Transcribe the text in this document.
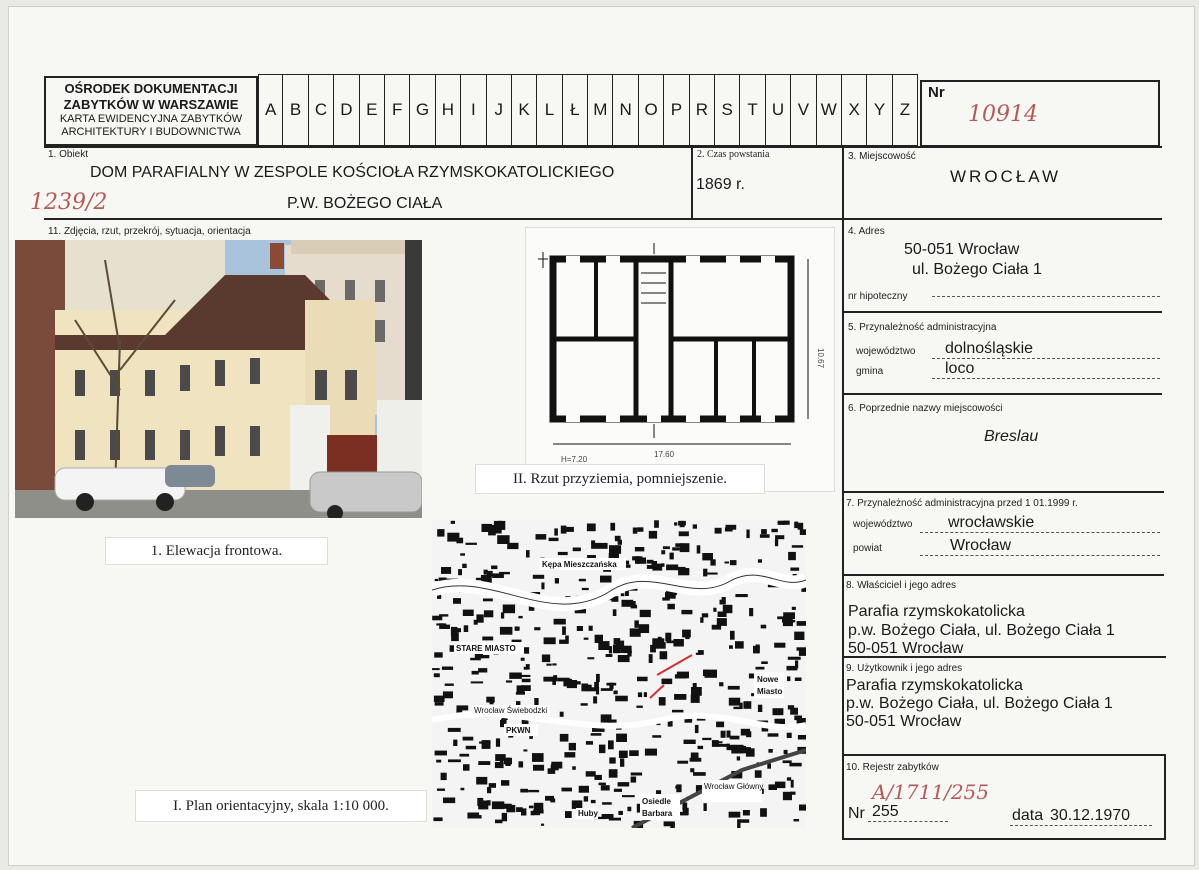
OŚRODEK DOKUMENTACJI
ZABYTKÓW W WARSZAWIE
KARTA EWIDENCYJNA ZABYTKÓW
ARCHITEKTURY I BUDOWNICTWA
A B C D E F G H I	J K L Ł M N O P R S T U V W X Y Z
Nr
10914
1. Obiekt
DOM PARAFIALNY W ZESPOLE KOŚCIOŁA RZYMSKOKATOLICKIEGO
P.W. BOŻEGO CIAŁA
1239/2
2. Czas powstania
1869 r.
3. Miejscowość
WROCŁAW
4. Adres
50-051 Wrocław
ul. Bożego Ciała 1
nr hipoteczny
5. Przynależność administracyjna
województwo dolnośląskie
gmina	loco
6. Poprzednie nazwy miejscowości
Breslau
7. Przynależność administracyjna przed 1 01.1999 r.
województwo wrocławskie
powiat	Wrocław
8. Właściciel i jego adres
Parafia rzymskokatolicka
p.w. Bożego Ciała, ul. Bożego Ciała 1
50-051 Wrocław
9. Użytkownik i jego adres
Parafia rzymskokatolicka
p.w. Bożego Ciała, ul. Bożego Ciała 1
50-051 Wrocław
10. Rejestr zabytków
A/1711/255
Nr 255	data 30.12.1970
11. Zdjęcia, rzut, przekrój, sytuacja, orientacja
1. Elewacja frontowa.
H=7.20
17.60
10.67
II. Rzut przyziemia, pomniejszenie.
Kępa Mieszczańska
STARE MIASTO
Nowe
Miasto
Wrocław Świebodzki
PKWN
Osiedle
Barbara
Wrocław Główny
Huby
I. Plan orientacyjny, skala 1:10 000.
